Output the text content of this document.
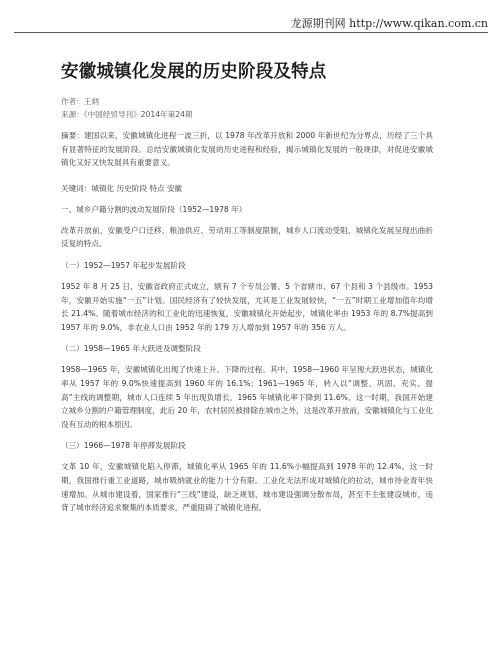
龙源期刊网 http://www.qikan.com.cn
安徽城镇化发展的历史阶段及特点
作者：王炳
来源：《中国经贸导刊》2014年第24期

摘要：建国以来，安徽城镇化进程一波三折，以 1978 年改革开放和 2000 年新世纪为分界点，历经了三个具有显著特征的发展阶段。总结安徽城镇化发展的历史进程和经验，揭示城镇化发展的一般规律，对促进安徽城镇化又好又快发展具有重要意义。

关键词：城镇化 历史阶段 特点 安徽
一、城乡户籍分割的波动发展阶段（1952—1978 年）

改革开放前，安徽受户口迁移、粮油供应、劳动用工等制度限制，城乡人口流动受阻，城镇化发展呈现出曲折反复的特点。

（一）1952—1957 年起步发展阶段

1952 年 8 月 25 日，安徽省政府正式成立，辖有 7 个专员公署、5 个省辖市、67 个县和 3 个县级市。1953 年，安徽开始实施“一五”计划。国民经济有了较快发展，尤其是工业发展较快，“一五”时期工业增加值年均增长 21.4%。随着城市经济的和工业化的迅速恢复，安徽城镇化开始起步，城镇化率由 1953 年的 8.7%提高到 1957 年的 9.0%，非农业人口由 1952 年的 179 万人增加到 1957 年的 356 万人。

（二）1958—1965 年大跃进及调整阶段

1958—1965 年，安徽城镇化出现了快速上升、下降的过程。其中，1958—1960 年呈现大跃进状态，城镇化率从 1957 年的 9.0%快速提高到 1960 年的 16.1%；1961—1965 年，转入以“调整、巩固、充实、提高”主线的调整期，城市人口连续 5 年出现负增长，1965 年城镇化率下降到 11.6%。这一时期，我国开始建立城乡分割的户籍管理制度，此后 20 年，农村居民被排除在城市之外，这是改革开放前，安徽城镇化与工业化没有互动的根本原因。

（三）1966—1978 年停滞发展阶段

文革 10 年，安徽城镇化陷入停滞，城镇化率从 1965 年的 11.6%小幅提高到 1978 年的 12.4%。这一时期，我国推行重工业道路，城市吸纳就业的能力十分有限。工业化无法形成对城镇化的拉动，城市待业青年快速增加。从城市建设看，国家推行“三线”建设，缺乏规划，城市建设强调分散布局，甚至不主张建设城市，违背了城市经济追求聚集的本质要求，严重阻碍了城镇化进程。
